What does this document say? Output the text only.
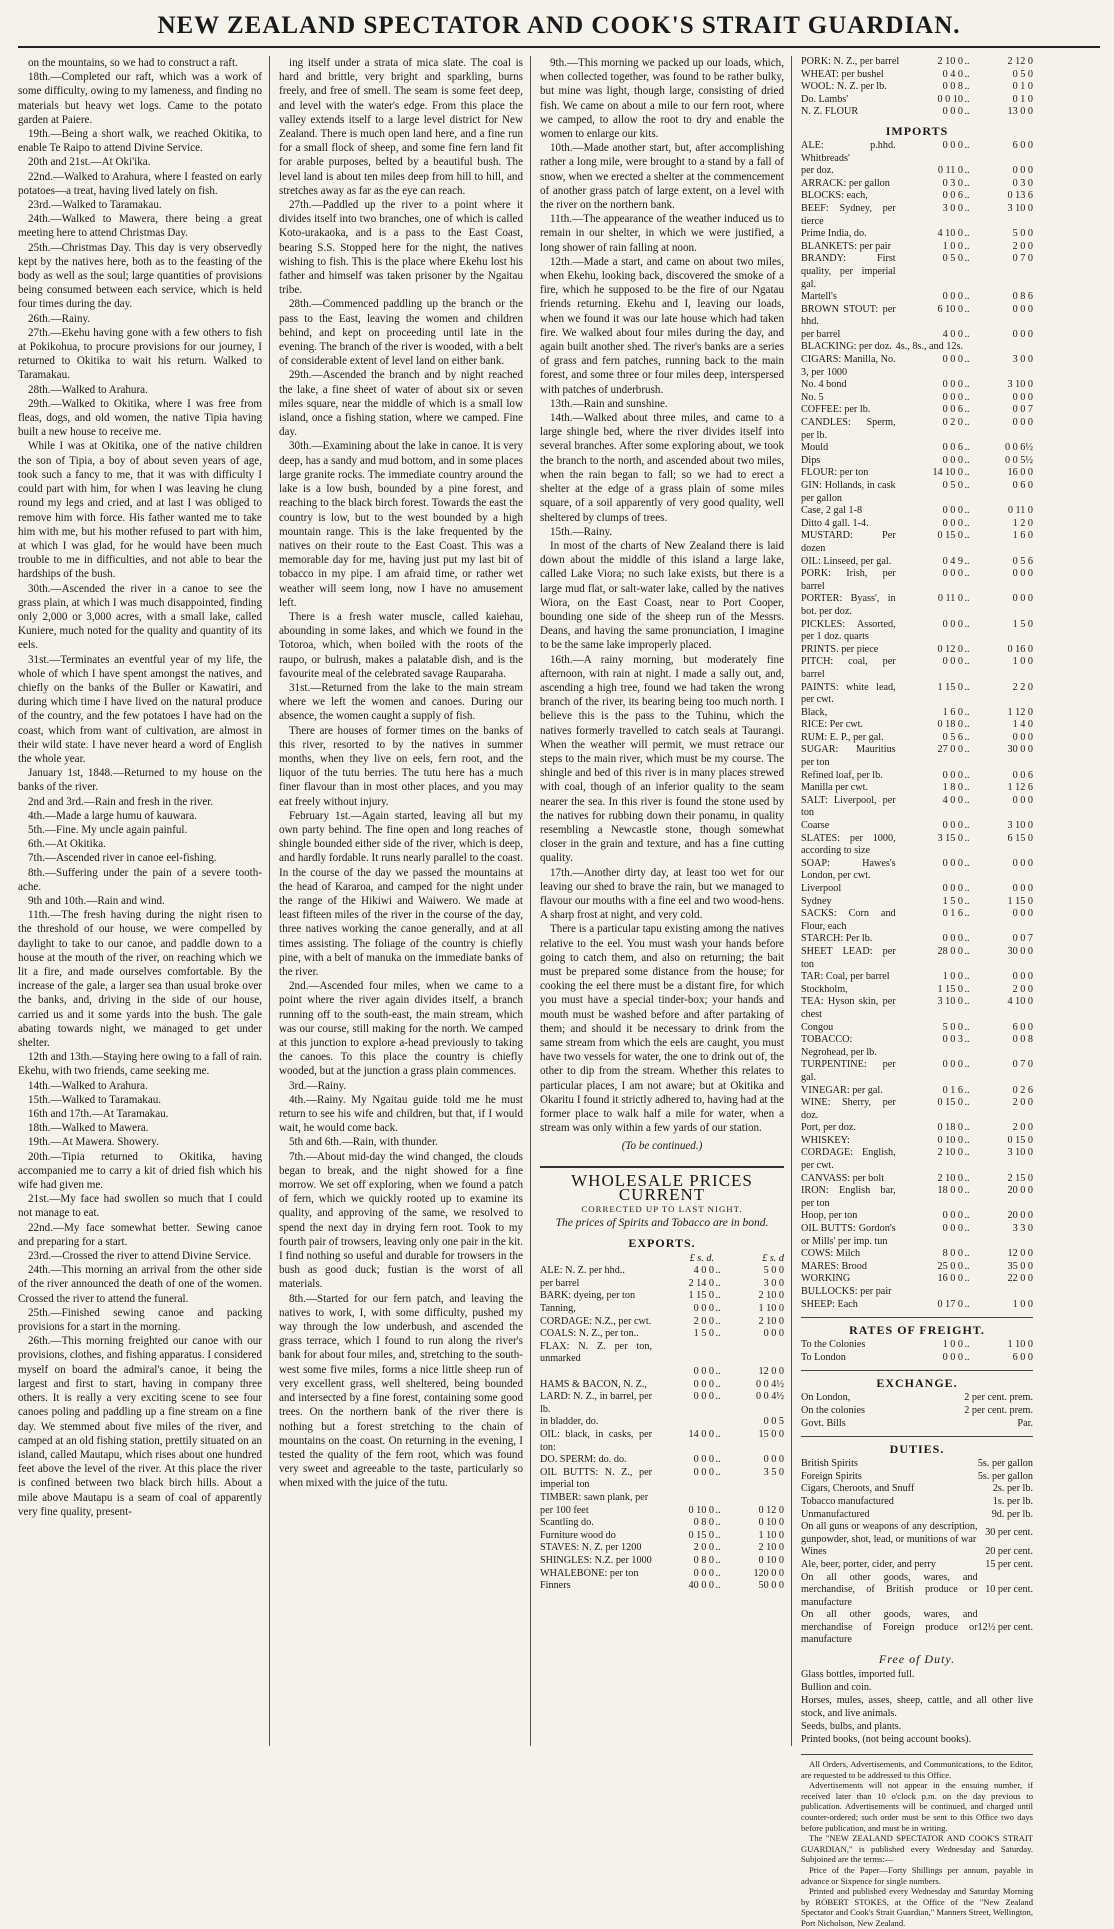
NEW ZEALAND SPECTATOR AND COOK'S STRAIT GUARDIAN.

on the mountains, so we had to construct a raft.

18th.—Completed our raft, which was a work of some difficulty, owing to my lameness, and finding no materials but heavy wet logs. Came to the potato garden at Paiere.

19th.—Being a short walk, we reached Okitika, to enable Te Raipo to attend Divine Service.

20th and 21st.—At Oki'ika.

22nd.—Walked to Arahura, where I feasted on early potatoes—a treat, having lived lately on fish.

23rd.—Walked to Taramakau.

24th.—Walked to Mawera, there being a great meeting here to attend Christmas Day.

25th.—Christmas Day. This day is very observedly kept by the natives here, both as to the feasting of the body as well as the soul; large quantities of provisions being consumed between each service, which is held four times during the day.

26th.—Rainy.

27th.—Ekehu having gone with a few others to fish at Pokikohua, to procure provisions for our journey, I returned to Okitika to wait his return. Walked to Taramakau.

28th.—Walked to Arahura.

29th.—Walked to Okitika, where I was free from fleas, dogs, and old women, the native Tipia having built a new house to receive me.

While I was at Okitika, one of the native children the son of Tipia, a boy of about seven years of age, took such a fancy to me, that it was with difficulty I could part with him, for when I was leaving he clung round my legs and cried, and at last I was obliged to remove him with force. His father wanted me to take him with me, but his mother refused to part with him, at which I was glad, for he would have been much trouble to me in difficulties, and not able to bear the hardships of the bush.

30th.—Ascended the river in a canoe to see the grass plain, at which I was much disappointed, finding only 2,000 or 3,000 acres, with a small lake, called Kuniere, much noted for the quality and quantity of its eels.

31st.—Terminates an eventful year of my life, the whole of which I have spent amongst the natives, and chiefly on the banks of the Buller or Kawatiri, and during which time I have lived on the natural produce of the country, and the few potatoes I have had on the coast, which from want of cultivation, are almost in their wild state. I have never heard a word of English the whole year.

January 1st, 1848.—Returned to my house on the banks of the river.

2nd and 3rd.—Rain and fresh in the river.

4th.—Made a large humu of kauwara.

5th.—Fine. My uncle again painful.

6th.—At Okitika.

7th.—Ascended river in canoe eel-fishing.

8th.—Suffering under the pain of a severe tooth-ache.

9th and 10th.—Rain and wind.

11th.—The fresh having during the night risen to the threshold of our house, we were compelled by daylight to take to our canoe, and paddle down to a house at the mouth of the river, on reaching which we lit a fire, and made ourselves comfortable. By the increase of the gale, a larger sea than usual broke over the banks, and, driving in the side of our house, carried us and it some yards into the bush. The gale abating towards night, we managed to get under shelter.

12th and 13th.—Staying here owing to a fall of rain. Ekehu, with two friends, came seeking me.

14th.—Walked to Arahura.

15th.—Walked to Taramakau.

16th and 17th.—At Taramakau.

18th.—Walked to Mawera.

19th.—At Mawera. Showery.

20th.—Tipia returned to Okitika, having accompanied me to carry a kit of dried fish which his wife had given me.

21st.—My face had swollen so much that I could not manage to eat.

22nd.—My face somewhat better. Sewing canoe and preparing for a start.

23rd.—Crossed the river to attend Divine Service.

24th.—This morning an arrival from the other side of the river announced the death of one of the women. Crossed the river to attend the funeral.

25th.—Finished sewing canoe and packing provisions for a start in the morning.

26th.—This morning freighted our canoe with our provisions, clothes, and fishing apparatus. I considered myself on board the admiral's canoe, it being the largest and first to start, having in company three others. It is really a very exciting scene to see four canoes poling and paddling up a fine stream on a fine day. We stemmed about five miles of the river, and camped at an old fishing station, prettily situated on an island, called Mautapu, which rises about one hundred feet above the level of the river. At this place the river is confined between two black birch hills. About a mile above Mautapu is a seam of coal of apparently very fine quality, present-

ing itself under a strata of mica slate. The coal is hard and brittle, very bright and sparkling, burns freely, and free of smell. The seam is some feet deep, and level with the water's edge. From this place the valley extends itself to a large level district for New Zealand. There is much open land here, and a fine run for a small flock of sheep, and some fine fern land fit for arable purposes, belted by a beautiful bush. The level land is about ten miles deep from hill to hill, and stretches away as far as the eye can reach.

27th.—Paddled up the river to a point where it divides itself into two branches, one of which is called Koto-urakaoka, and is a pass to the East Coast, bearing S.S. Stopped here for the night, the natives wishing to fish. This is the place where Ekehu lost his father and himself was taken prisoner by the Ngaitau tribe.

28th.—Commenced paddling up the branch or the pass to the East, leaving the women and children behind, and kept on proceeding until late in the evening. The branch of the river is wooded, with a belt of considerable extent of level land on either bank.

29th.—Ascended the branch and by night reached the lake, a fine sheet of water of about six or seven miles square, near the middle of which is a small low island, once a fishing station, where we camped. Fine day.

30th.—Examining about the lake in canoe. It is very deep, has a sandy and mud bottom, and in some places large granite rocks. The immediate country around the lake is a low bush, bounded by a pine forest, and reaching to the black birch forest. Towards the east the country is low, but to the west bounded by a high mountain range. This is the lake frequented by the natives on their route to the East Coast. This was a memorable day for me, having just put my last bit of tobacco in my pipe. I am afraid time, or rather wet weather will seem long, now I have no amusement left.

There is a fresh water muscle, called kaiehau, abounding in some lakes, and which we found in the Totoroa, which, when boiled with the roots of the raupo, or bulrush, makes a palatable dish, and is the favourite meal of the celebrated savage Rauparaha.

31st.—Returned from the lake to the main stream where we left the women and canoes. During our absence, the women caught a supply of fish.

There are houses of former times on the banks of this river, resorted to by the natives in summer months, when they live on eels, fern root, and the liquor of the tutu berries. The tutu here has a much finer flavour than in most other places, and you may eat freely without injury.

February 1st.—Again started, leaving all but my own party behind. The fine open and long reaches of shingle bounded either side of the river, which is deep, and hardly fordable. It runs nearly parallel to the coast. In the course of the day we passed the mountains at the head of Kararoa, and camped for the night under the range of the Hikiwi and Waiwero. We made at least fifteen miles of the river in the course of the day, three natives working the canoe generally, and at all times assisting. The foliage of the country is chiefly pine, with a belt of manuka on the immediate banks of the river.

2nd.—Ascended four miles, when we came to a point where the river again divides itself, a branch running off to the south-east, the main stream, which was our course, still making for the north. We camped at this junction to explore a-head previously to taking the canoes. To this place the country is chiefly wooded, but at the junction a grass plain commences.

3rd.—Rainy.

4th.—Rainy. My Ngaitau guide told me he must return to see his wife and children, but that, if I would wait, he would come back.

5th and 6th.—Rain, with thunder.

7th.—About mid-day the wind changed, the clouds began to break, and the night showed for a fine morrow. We set off exploring, when we found a patch of fern, which we quickly rooted up to examine its quality, and approving of the same, we resolved to spend the next day in drying fern root. Took to my fourth pair of trowsers, leaving only one pair in the kit. I find nothing so useful and durable for trowsers in the bush as good duck; fustian is the worst of all materials.

8th.—Started for our fern patch, and leaving the natives to work, I, with some difficulty, pushed my way through the low underbush, and ascended the grass terrace, which I found to run along the river's bank for about four miles, and, stretching to the south-west some five miles, forms a nice little sheep run of very excellent grass, well sheltered, being bounded and intersected by a fine forest, containing some good trees. On the northern bank of the river there is nothing but a forest stretching to the chain of mountains on the coast. On returning in the evening, I tested the quality of the fern root, which was found very sweet and agreeable to the taste, particularly so when mixed with the juice of the tutu.

9th.—This morning we packed up our loads, which, when collected together, was found to be rather bulky, but mine was light, though large, consisting of dried fish. We came on about a mile to our fern root, where we camped, to allow the root to dry and enable the women to enlarge our kits.

10th.—Made another start, but, after accomplishing rather a long mile, were brought to a stand by a fall of snow, when we erected a shelter at the commencement of another grass patch of large extent, on a level with the river on the northern bank.

11th.—The appearance of the weather induced us to remain in our shelter, in which we were justified, a long shower of rain falling at noon.

12th.—Made a start, and came on about two miles, when Ekehu, looking back, discovered the smoke of a fire, which he supposed to be the fire of our Ngatau friends returning. Ekehu and I, leaving our loads, when we found it was our late house which had taken fire. We walked about four miles during the day, and again built another shed. The river's banks are a series of grass and fern patches, running back to the main forest, and some three or four miles deep, interspersed with patches of underbrush.

13th.—Rain and sunshine.

14th.—Walked about three miles, and came to a large shingle bed, where the river divides itself into several branches. After some exploring about, we took the branch to the north, and ascended about two miles, when the rain began to fall; so we had to erect a shelter at the edge of a grass plain of some miles square, of a soil apparently of very good quality, well sheltered by clumps of trees.

15th.—Rainy.

In most of the charts of New Zealand there is laid down about the middle of this island a large lake, called Lake Viora; no such lake exists, but there is a large mud flat, or salt-water lake, called by the natives Wiora, on the East Coast, near to Port Cooper, bounding one side of the sheep run of the Messrs. Deans, and having the same pronunciation, I imagine to be the same lake improperly placed.

16th.—A rainy morning, but moderately fine afternoon, with rain at night. I made a sally out, and, ascending a high tree, found we had taken the wrong branch of the river, its bearing being too much north. I believe this is the pass to the Tuhinu, which the natives formerly travelled to catch seals at Taurangi. When the weather will permit, we must retrace our steps to the main river, which must be my course. The shingle and bed of this river is in many places strewed with coal, though of an inferior quality to the seam nearer the sea. In this river is found the stone used by the natives for rubbing down their ponamu, in quality resembling a Newcastle stone, though somewhat closer in the grain and texture, and has a fine cutting quality.

17th.—Another dirty day, at least too wet for our leaving our shed to brave the rain, but we managed to flavour our mouths with a fine eel and two wood-hens. A sharp frost at night, and very cold.

There is a particular tapu existing among the natives relative to the eel. You must wash your hands before going to catch them, and also on returning; the bait must be prepared some distance from the house; for cooking the eel there must be a distant fire, for which you must have a special tinder-box; your hands and mouth must be washed before and after partaking of them; and should it be necessary to drink from the same stream from which the eels are caught, you must have two vessels for water, the one to drink out of, the other to dip from the stream. Whether this relates to particular places, I am not aware; but at Okitika and Okaritu I found it strictly adhered to, having had at the former place to walk half a mile for water, when a stream was only within a few yards of our station.

(To be continued.)
WHOLESALE PRICES CURRENT
CORRECTED UP TO LAST NIGHT.
The prices of Spirits and Tobacco are in bond.
EXPORTS.
	£ s. d.		£ s. d
ALE: N. Z. per hhd..	4 0 0	..	5 0 0
per barrel	2 14 0	..	3 0 0
BARK: dyeing, per ton	1 15 0	..	2 10 0
Tanning,	0 0 0	..	1 10 0
CORDAGE: N.Z., per cwt.	2 0 0	..	2 10 0
COALS: N. Z., per ton..	1 5 0	..	0 0 0
FLAX: N. Z. per ton, unmarked			
	0 0 0	..	12 0 0
HAMS & BACON, N. Z.,	0 0 0	..	0 0 4½
LARD: N. Z., in barrel, per lb.	0 0 0	..	0 0 4½
in bladder, do.			0 0 5
OIL: black, in casks, per ton:	14 0 0	..	15 0 0
DO. SPERM: do. do.	0 0 0	..	0 0 0
OIL BUTTS: N. Z., per imperial ton	0 0 0	..	3 5 0
TIMBER: sawn plank, per			
per 100 feet	0 10 0	..	0 12 0
Scantling do.	0 8 0	..	0 10 0
Furniture wood do	0 15 0	..	1 10 0
STAVES: N. Z. per 1200	2 0 0	..	2 10 0
SHINGLES: N.Z. per 1000	0 8 0	..	0 10 0
WHALEBONE: per ton	0 0 0	..	120 0 0
Finners	40 0 0	..	50 0 0
PORK: N. Z., per barrel	2 10 0	..	2 12 0
WHEAT: per bushel	0 4 0	..	0 5 0
WOOL: N. Z. per lb.	0 0 8	..	0 1 0
Do. Lambs'	0 0 10	..	0 1 0
N. Z. FLOUR	0 0 0	..	13 0 0
IMPORTS
ALE: p.hhd. Whitbreads'	0 0 0	..	6 0 0
per doz.	0 11 0	..	0 0 0
ARRACK: per gallon	0 3 0	..	0 3 0
BLOCKS: each,	0 0 6	..	0 13 6
BEEF: Sydney, per tierce	3 0 0	..	3 10 0
Prime India, do.	4 10 0	..	5 0 0
BLANKETS: per pair	1 0 0	..	2 0 0
BRANDY: First quality, per imperial gal.	0 5 0	..	0 7 0
Martell's	0 0 0	..	0 8 6
BROWN STOUT: per hhd.	6 10 0	..	0 0 0
per barrel	4 0 0	..	0 0 0
BLACKING: per doz.	4s., 8s., and 12s.		
CIGARS: Manilla, No. 3, per 1000	0 0 0	..	3 0 0
No. 4 bond	0 0 0	..	3 10 0
No. 5	0 0 0	..	0 0 0
COFFEE: per lb.	0 0 6	..	0 0 7
CANDLES: Sperm, per lb.	0 2 0	..	0 0 0
Mould	0 0 6	..	0 0 6½
Dips	0 0 0	..	0 0 5½
FLOUR: per ton	14 10 0	..	16 0 0
GIN: Hollands, in cask per gallon	0 5 0	..	0 6 0
Case, 2 gal 1-8	0 0 0	..	0 11 0
Ditto 4 gall. 1-4.	0 0 0	..	1 2 0
MUSTARD: Per dozen	0 15 0	..	1 6 0
OIL: Linseed, per gal.	0 4 9	..	0 5 6
PORK: Irish, per barrel	0 0 0	..	0 0 0
PORTER: Byass', in bot. per doz.	0 11 0	..	0 0 0
PICKLES: Assorted, per 1 doz. quarts	0 0 0	..	1 5 0
PRINTS. per piece	0 12 0	..	0 16 0
PITCH: coal, per barrel	0 0 0	..	1 0 0
PAINTS: white lead, per cwt.	1 15 0	..	2 2 0
Black,	1 6 0	..	1 12 0
RICE: Per cwt.	0 18 0	..	1 4 0
RUM: E. P., per gal.	0 5 6	..	0 0 0
SUGAR: Mauritius per ton	27 0 0	..	30 0 0
Refined loaf, per lb.	0 0 0	..	0 0 6
Manilla per cwt.	1 8 0	..	1 12 6
SALT: Liverpool, per ton	4 0 0	..	0 0 0
Coarse	0 0 0	..	3 10 0
SLATES: per 1000, according to size	3 15 0	..	6 15 0
SOAP: Hawes's London, per cwt.	0 0 0	..	0 0 0
Liverpool	0 0 0	..	0 0 0
Sydney	1 5 0	..	1 15 0
SACKS: Corn and Flour, each	0 1 6	..	0 0 0
STARCH: Per lb.	0 0 0	..	0 0 7
SHEET LEAD: per ton	28 0 0	..	30 0 0
TAR: Coal, per barrel	1 0 0	..	0 0 0
Stockholm,	1 15 0	..	2 0 0
TEA: Hyson skin, per chest	3 10 0	..	4 10 0
Congou	5 0 0	..	6 0 0
TOBACCO: Negrohead, per lb.	0 0 3	..	0 0 8
TURPENTINE: per gal.	0 0 0	..	0 7 0
VINEGAR: per gal.	0 1 6	..	0 2 6
WINE: Sherry, per doz.	0 15 0	..	2 0 0
Port, per doz.	0 18 0	..	2 0 0
WHISKEY:	0 10 0	..	0 15 0
CORDAGE: English, per cwt.	2 10 0	..	3 10 0
CANVASS: per bolt	2 10 0	..	2 15 0
IRON: English bar, per ton	18 0 0	..	20 0 0
Hoop, per ton	0 0 0	..	20 0 0
OIL BUTTS: Gordon's or Mills' per imp. tun	0 0 0	..	3 3 0
COWS: Milch	8 0 0	..	12 0 0
MARES: Brood	25 0 0	..	35 0 0
WORKING BULLOCKS: per pair	16 0 0	..	22 0 0
SHEEP: Each	0 17 0	..	1 0 0
RATES OF FREIGHT.
To the Colonies	1 0 0	..	1 10 0
To London	0 0 0	..	6 0 0
EXCHANGE.
On London,	2 per cent. prem.
On the colonies	2 per cent. prem.
Govt. Bills	Par.
DUTIES.
British Spirits	5s. per gallon
Foreign Spirits	5s. per gallon
Cigars, Cheroots, and Snuff	2s. per lb.
Tobacco manufactured	1s. per lb.
Unmanufactured	9d. per lb.
On all guns or weapons of any description, gunpowder, shot, lead, or munitions of war	30 per cent.
Wines	20 per cent.
Ale, beer, porter, cider, and perry	15 per cent.
On all other goods, wares, and merchandise, of British produce or manufacture	10 per cent.
On all other goods, wares, and merchandise of Foreign produce or manufacture	12½ per cent.
Free of Duty.

Glass bottles, imported full.

Bullion and coin.

Horses, mules, asses, sheep, cattle, and all other live stock, and live animals.

Seeds, bulbs, and plants.

Printed books, (not being account books).

All Orders, Advertisements, and Communications, to the Editor, are requested to be addressed to this Office.

Advertisements will not appear in the ensuing number, if received later than 10 o'clock p.m. on the day previous to publication. Advertisements will be continued, and charged until counter-ordered; such order must be sent to this Office two days before publication, and must be in writing.

The "NEW ZEALAND SPECTATOR AND COOK'S STRAIT GUARDIAN," is published every Wednesday and Saturday. Subjoined are the terms:—

Price of the Paper—Forty Shillings per annum, payable in advance or Sixpence for single numbers.

Printed and published every Wednesday and Saturday Morning by ROBERT STOKES, at the Office of the "New Zealand Spectator and Cook's Strait Guardian," Manners Street, Wellington, Port Nicholson, New Zealand.
